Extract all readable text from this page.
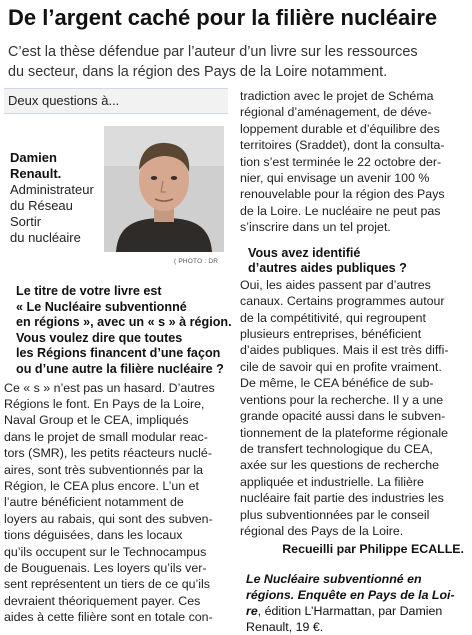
De l’argent caché pour la filière nucléaire

C’est la thèse défendue par l’auteur d’un livre sur les ressources

du secteur, dans la région des Pays de la Loire notamment.

Deux questions à...
Damien
Renault.
Administrateur
du Réseau Sortir
du nucléaire
( PHOTO : DR

Le titre de votre livre est

« Le Nucléaire subventionné

en régions », avec un « s » à région.

Vous voulez dire que toutes

les Régions financent d’une façon

ou d’une autre la filière nucléaire ?

Ce « s » n’est pas un hasard. D’autres

Régions le font. En Pays de la Loire,

Naval Group et le CEA, impliqués

dans le projet de small modular reac-

tors (SMR), les petits réacteurs nuclé-

aires, sont très subventionnés par la

Région, le CEA plus encore. L’un et

l’autre bénéficient notamment de

loyers au rabais, qui sont des subven-

tions déguisées, dans les locaux

qu’ils occupent sur le Technocampus

de Bouguenais. Les loyers qu’ils ver-

sent représentent un tiers de ce qu’ils

devraient théoriquement payer. Ces

aides à cette filière sont en totale con-

tradiction avec le projet de Schéma

régional d’aménagement, de déve-

loppement durable et d’équilibre des

territoires (Sraddet), dont la consulta-

tion s’est terminée le 22 octobre der-

nier, qui envisage un avenir 100 %

renouvelable pour la région des Pays

de la Loire. Le nucléaire ne peut pas

s’inscrire dans un tel projet.

Vous avez identifié

d’autres aides publiques ?

Oui, les aides passent par d’autres

canaux. Certains programmes autour

de la compétitivité, qui regroupent

plusieurs entreprises, bénéficient

d’aides publiques. Mais il est très diffi-

cile de savoir qui en profite vraiment.

De même, le CEA bénéfice de sub-

ventions pour la recherche. Il y a une

grande opacité aussi dans le subven-

tionnement de la plateforme régionale

de transfert technologique du CEA,

axée sur les questions de recherche

appliquée et industrielle. La filière

nucléaire fait partie des industries les

plus subventionnées par le conseil

régional des Pays de la Loire.

Recueilli par Philippe ECALLE.

Le Nucléaire subventionné en

régions. Enquête en Pays de la Loi-

re, édition L’Harmattan, par Damien

Renault, 19 €.
